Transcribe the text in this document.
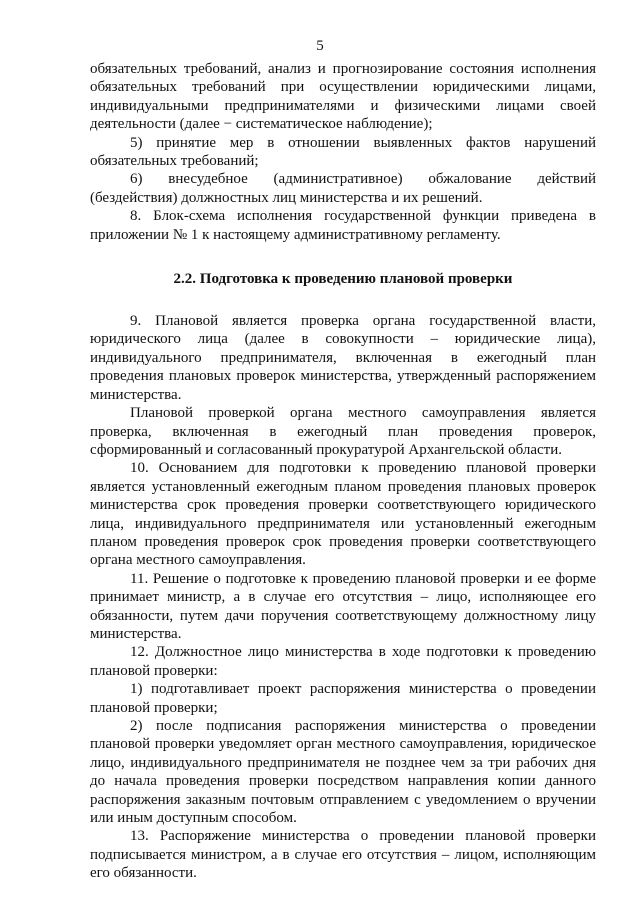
5

обязательных требований, анализ и прогнозирование состояния исполнения обязательных требований при осуществлении юридическими лицами, индивидуальными предпринимателями и физическими лицами своей деятельности (далее − систематическое наблюдение);

5) принятие мер в отношении выявленных фактов нарушений обязательных требований;

6) внесудебное (административное) обжалование действий (бездействия) должностных лиц министерства и их решений.

8. Блок-схема исполнения государственной функции приведена в приложении № 1 к настоящему административному регламенту.

2.2. Подготовка к проведению плановой проверки

9. Плановой является проверка органа государственной власти, юридического лица (далее в совокупности – юридические лица), индивидуального предпринимателя, включенная в ежегодный план проведения плановых проверок министерства, утвержденный распоряжением министерства.

Плановой проверкой органа местного самоуправления является проверка, включенная в ежегодный план проведения проверок, сформированный и согласованный прокуратурой Архангельской области.

10. Основанием для подготовки к проведению плановой проверки является установленный ежегодным планом проведения плановых проверок министерства срок проведения проверки соответствующего юридического лица, индивидуального предпринимателя или установленный ежегодным планом проведения проверок срок проведения проверки соответствующего органа местного самоуправления.

11. Решение о подготовке к проведению плановой проверки и ее форме принимает министр, а в случае его отсутствия – лицо, исполняющее его обязанности, путем дачи поручения соответствующему должностному лицу министерства.

12. Должностное лицо министерства в ходе подготовки к проведению плановой проверки:

1) подготавливает проект распоряжения министерства о проведении плановой проверки;

2) после подписания распоряжения министерства о проведении плановой проверки уведомляет орган местного самоуправления, юридическое лицо, индивидуального предпринимателя не позднее чем за три рабочих дня до начала проведения проверки посредством направления копии данного распоряжения заказным почтовым отправлением с уведомлением о вручении или иным доступным способом.

13. Распоряжение министерства о проведении плановой проверки подписывается министром, а в случае его отсутствия – лицом, исполняющим его обязанности.
